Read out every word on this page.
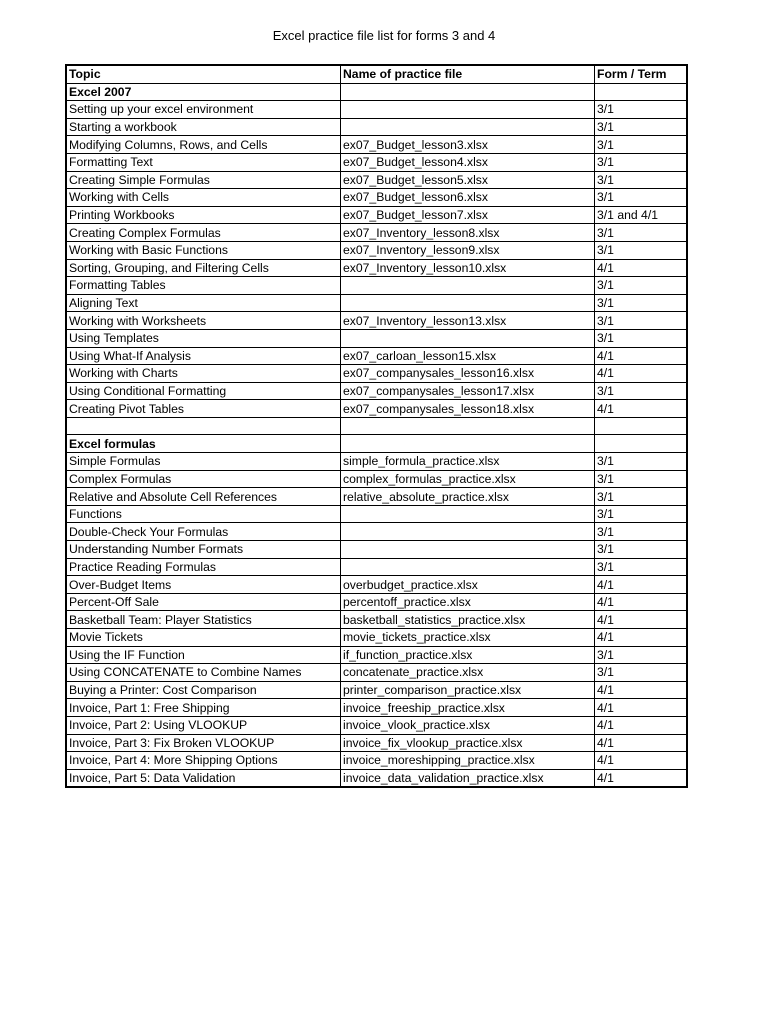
Excel practice file list for forms 3 and 4
Topic	Name of practice file	Form / Term
Excel 2007		
Setting up your excel environment		3/1
Starting a workbook		3/1
Modifying Columns, Rows, and Cells	ex07_Budget_lesson3.xlsx	3/1
Formatting Text	ex07_Budget_lesson4.xlsx	3/1
Creating Simple Formulas	ex07_Budget_lesson5.xlsx	3/1
Working with Cells	ex07_Budget_lesson6.xlsx	3/1
Printing Workbooks	ex07_Budget_lesson7.xlsx	3/1 and 4/1
Creating Complex Formulas	ex07_Inventory_lesson8.xlsx	3/1
Working with Basic Functions	ex07_Inventory_lesson9.xlsx	3/1
Sorting, Grouping, and Filtering Cells	ex07_Inventory_lesson10.xlsx	4/1
Formatting Tables		3/1
Aligning Text		3/1
Working with Worksheets	ex07_Inventory_lesson13.xlsx	3/1
Using Templates		3/1
Using What-If Analysis	ex07_carloan_lesson15.xlsx	4/1
Working with Charts	ex07_companysales_lesson16.xlsx	4/1
Using Conditional Formatting	ex07_companysales_lesson17.xlsx	3/1
Creating Pivot Tables	ex07_companysales_lesson18.xlsx	4/1

Excel formulas		
Simple Formulas	simple_formula_practice.xlsx	3/1
Complex Formulas	complex_formulas_practice.xlsx	3/1
Relative and Absolute Cell References	relative_absolute_practice.xlsx	3/1
Functions		3/1
Double-Check Your Formulas		3/1
Understanding Number Formats		3/1
Practice Reading Formulas		3/1
Over-Budget Items	overbudget_practice.xlsx	4/1
Percent-Off Sale	percentoff_practice.xlsx	4/1
Basketball Team: Player Statistics	basketball_statistics_practice.xlsx	4/1
Movie Tickets	movie_tickets_practice.xlsx	4/1
Using the IF Function	if_function_practice.xlsx	3/1
Using CONCATENATE to Combine Names	concatenate_practice.xlsx	3/1
Buying a Printer: Cost Comparison	printer_comparison_practice.xlsx	4/1
Invoice, Part 1: Free Shipping	invoice_freeship_practice.xlsx	4/1
Invoice, Part 2: Using VLOOKUP	invoice_vlook_practice.xlsx	4/1
Invoice, Part 3: Fix Broken VLOOKUP	invoice_fix_vlookup_practice.xlsx	4/1
Invoice, Part 4: More Shipping Options	invoice_moreshipping_practice.xlsx	4/1
Invoice, Part 5: Data Validation	invoice_data_validation_practice.xlsx	4/1
